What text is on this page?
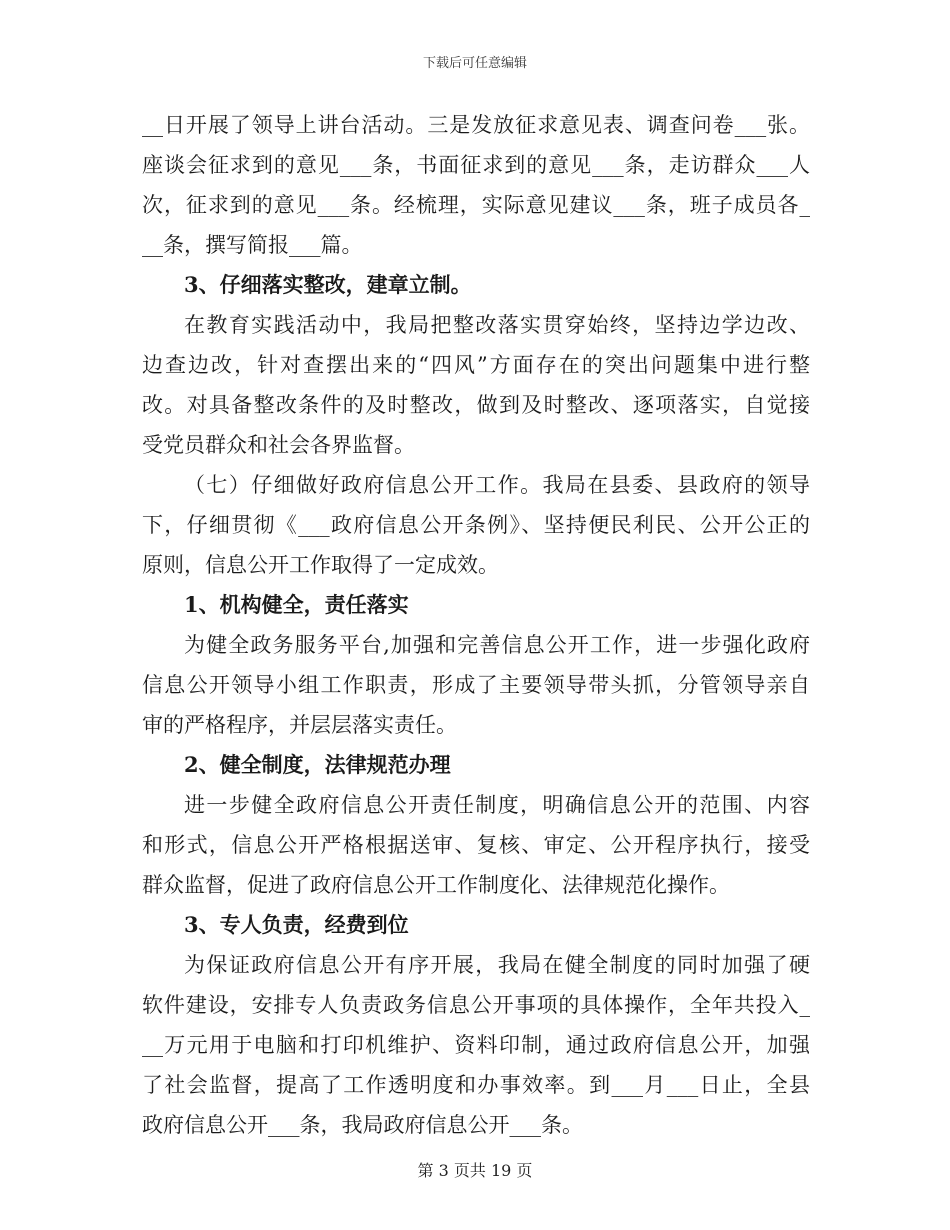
下载后可任意编辑
__日开展了领导上讲台活动。三是发放征求意见表、调查问卷___张。
座谈会征求到的意见___条，书面征求到的意见___条，走访群众___人
次，征求到的意见___条。经梳理，实际意见建议___条，班子成员各_
__条，撰写简报___篇。
3、仔细落实整改，建章立制。
在教育实践活动中，我局把整改落实贯穿始终，坚持边学边改、
边查边改，针对查摆出来的“四风”方面存在的突出问题集中进行整
改。对具备整改条件的及时整改，做到及时整改、逐项落实，自觉接
受党员群众和社会各界监督。
（七）仔细做好政府信息公开工作。我局在县委、县政府的领导
下，仔细贯彻《___政府信息公开条例》、坚持便民利民、公开公正的
原则，信息公开工作取得了一定成效。
1、机构健全，责任落实
为健全政务服务平台,加强和完善信息公开工作，进一步强化政府
信息公开领导小组工作职责，形成了主要领导带头抓，分管领导亲自
审的严格程序，并层层落实责任。
2、健全制度，法律规范办理
进一步健全政府信息公开责任制度，明确信息公开的范围、内容
和形式，信息公开严格根据送审、复核、审定、公开程序执行，接受
群众监督，促进了政府信息公开工作制度化、法律规范化操作。
3、专人负责，经费到位
为保证政府信息公开有序开展，我局在健全制度的同时加强了硬
软件建设，安排专人负责政务信息公开事项的具体操作，全年共投入_
__万元用于电脑和打印机维护、资料印制，通过政府信息公开，加强
了社会监督，提高了工作透明度和办事效率。到___月___日止，全县
政府信息公开___条，我局政府信息公开___条。
第 3 页共 19 页
